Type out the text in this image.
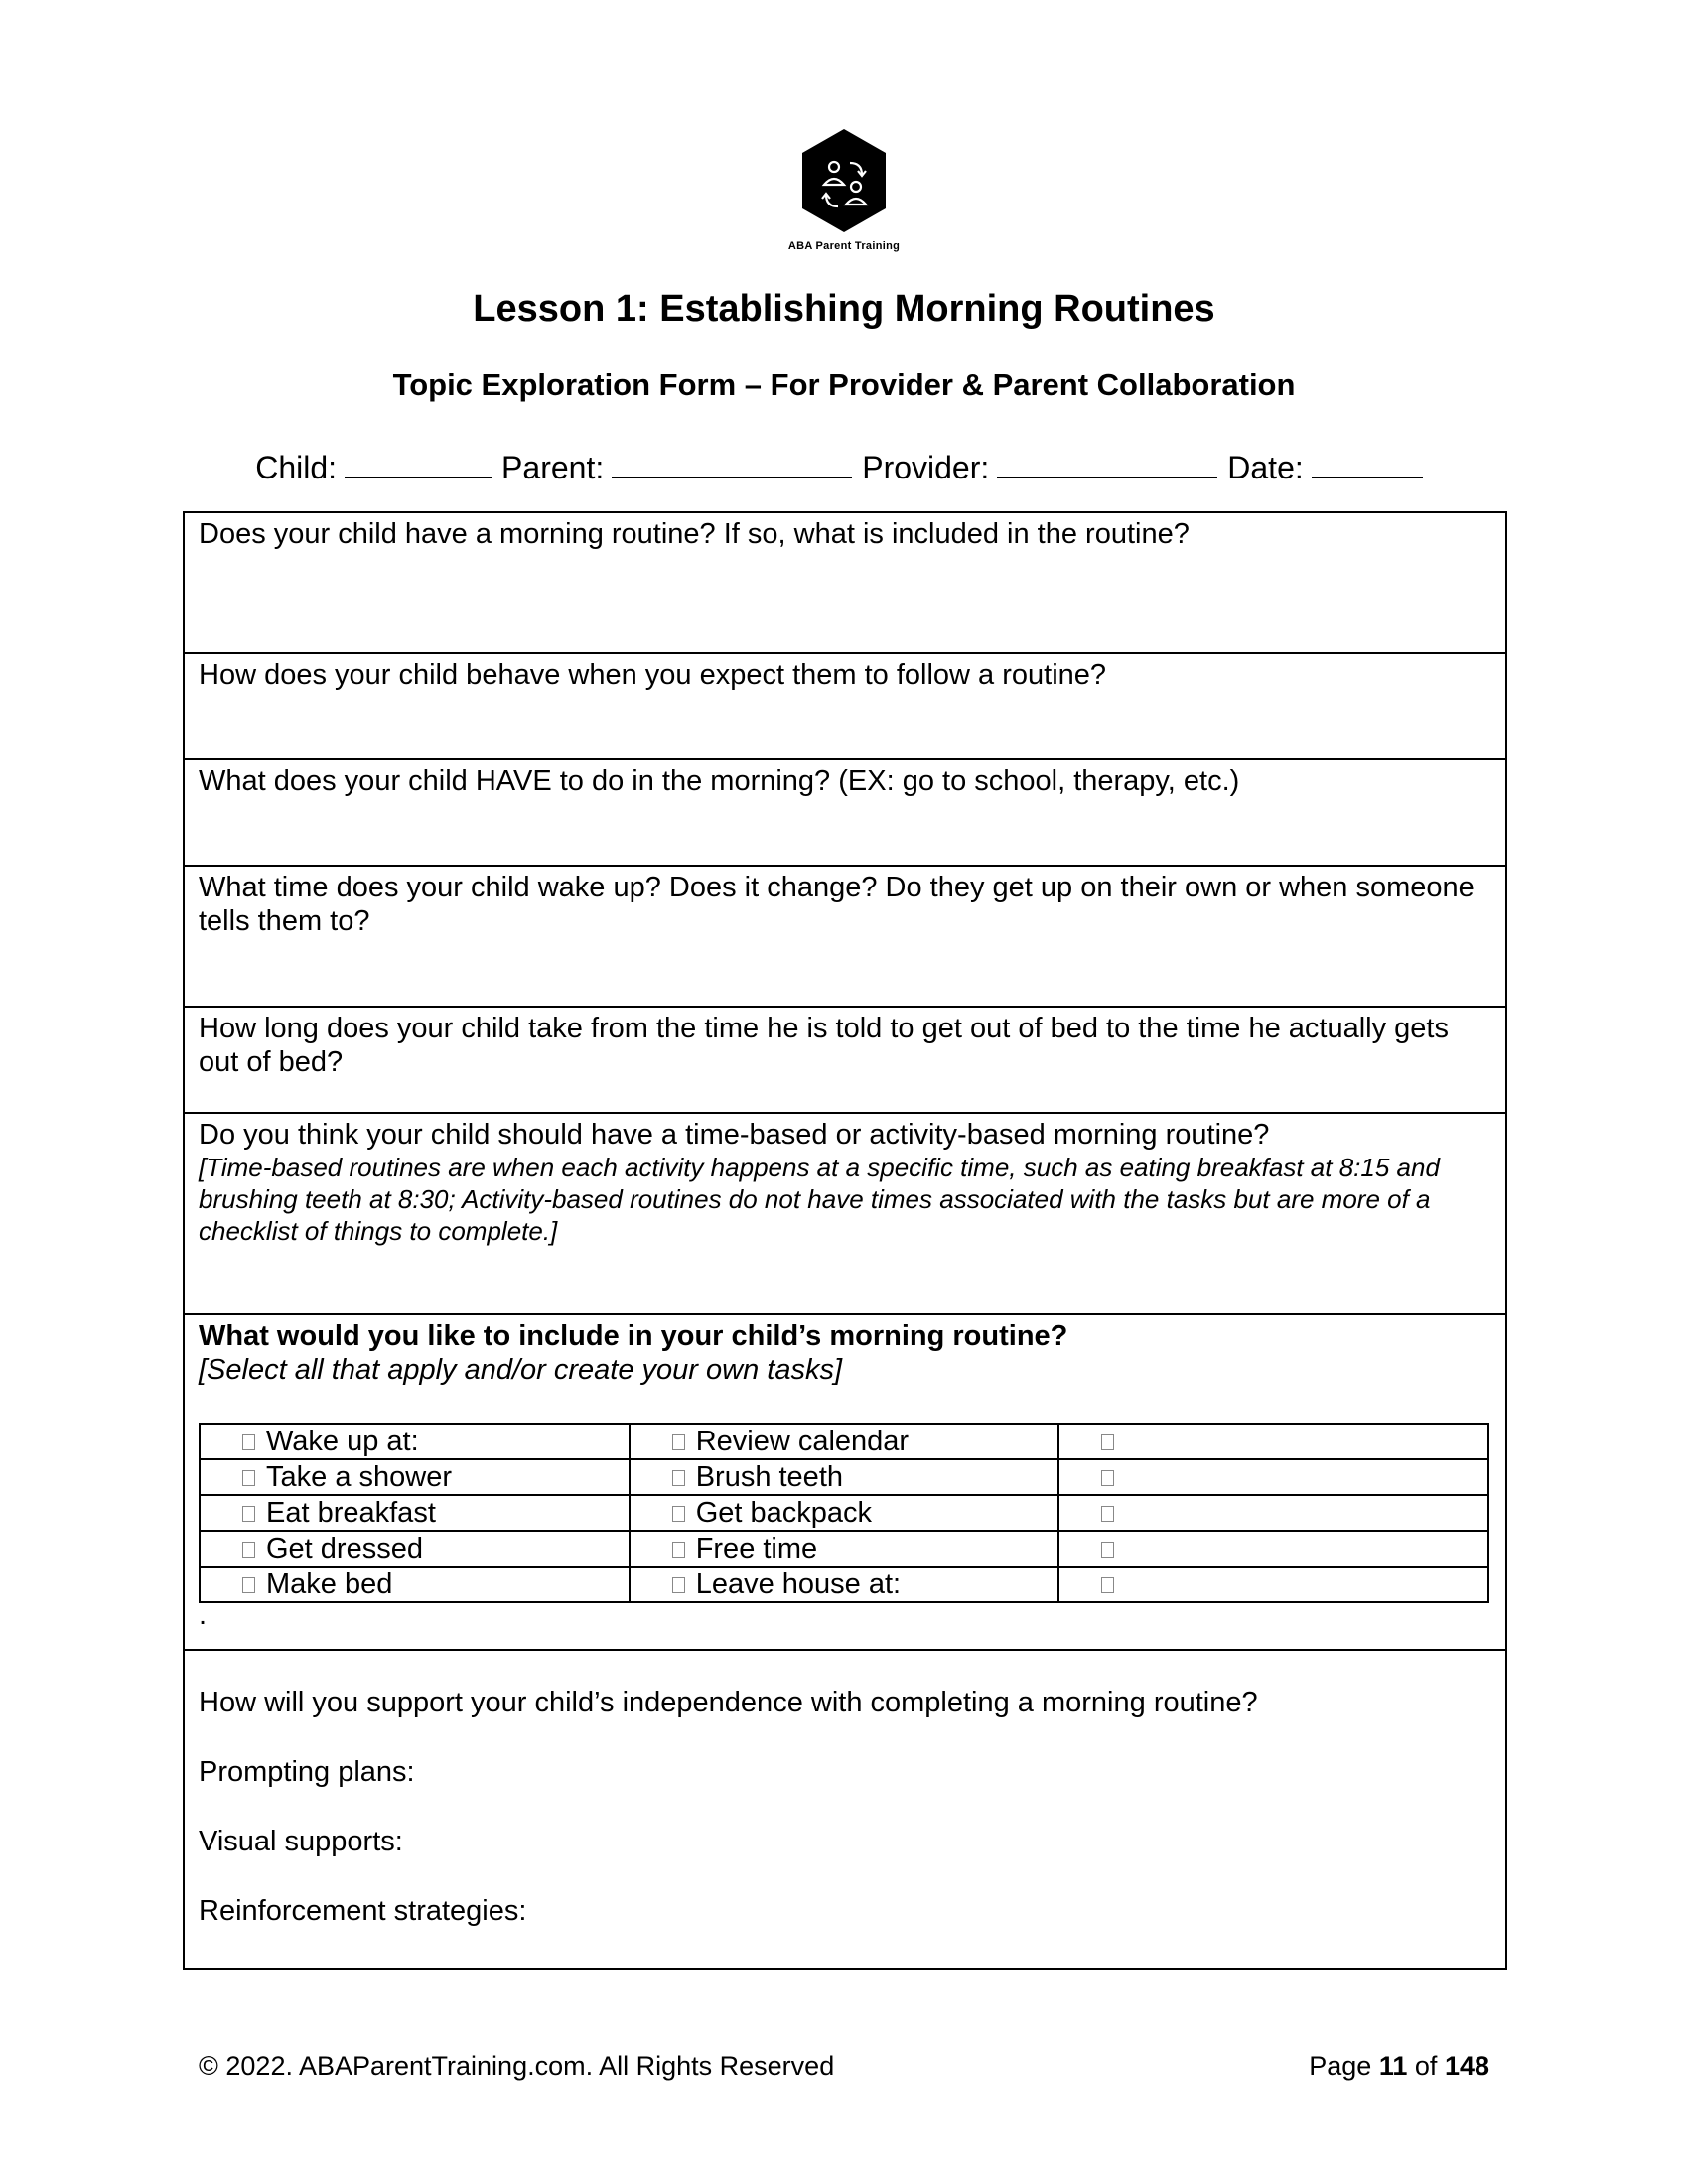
ABA Parent Training
Lesson 1: Establishing Morning Routines
Topic Exploration Form – For Provider & Parent Collaboration
Child:	Parent:	Provider:	Date:
Does your child have a morning routine? If so, what is included in the routine?
How does your child behave when you expect them to follow a routine?
What does your child HAVE to do in the morning? (EX: go to school, therapy, etc.)
What time does your child wake up? Does it change? Do they get up on their own or when someone tells them to?
How long does your child take from the time he is told to get out of bed to the time he actually gets out of bed?
Do you think your child should have a time-based or activity-based morning routine?
[Time-based routines are when each activity happens at a specific time, such as eating breakfast at 8:15 and brushing teeth at 8:30; Activity-based routines do not have times associated with the tasks but are more of a checklist of things to complete.]
What would you like to include in your child’s morning routine?
[Select all that apply and/or create your own tasks]
Wake up at:	Review calendar	

Take a shower	Brush teeth	

Eat breakfast	Get backpack	

Get dressed	Free time	

Make bed	Leave house at:	
.

How will you support your child’s independence with completing a morning routine?

Prompting plans:

Visual supports:

Reinforcement strategies:

© 2022. ABAParentTraining.com. All Rights Reserved	Page 11 of 148
